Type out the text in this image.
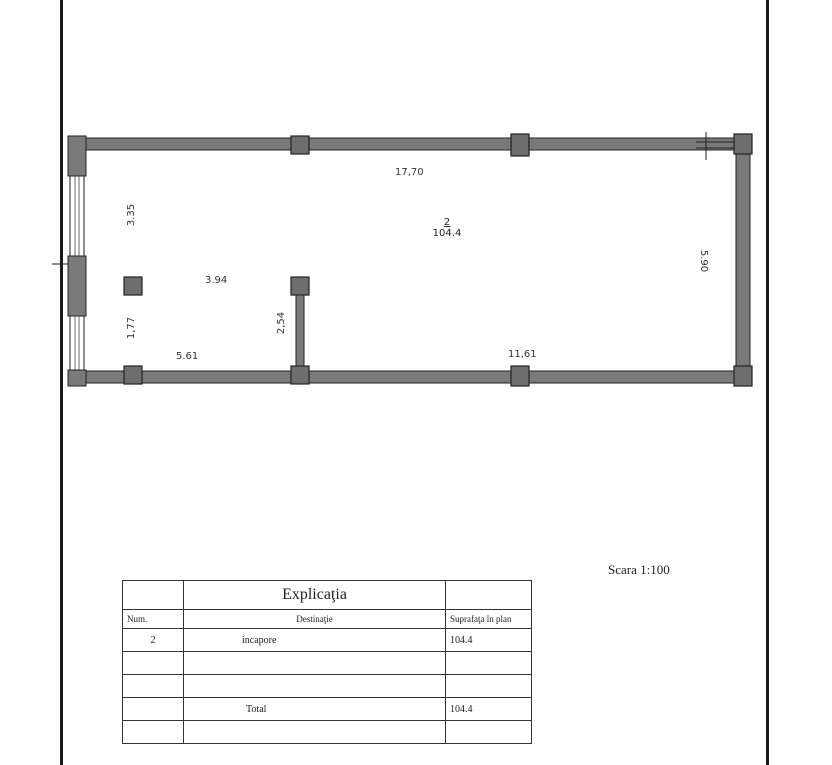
17,70
3.35
3.94
1,77
5.61
2,54
11,61
5.90
2
104.4
Scara 1:100
	Explicaţia	
Num.	Destinaţie	Suprafaţa în plan
2	incapore	104.4

	Total	104.4
